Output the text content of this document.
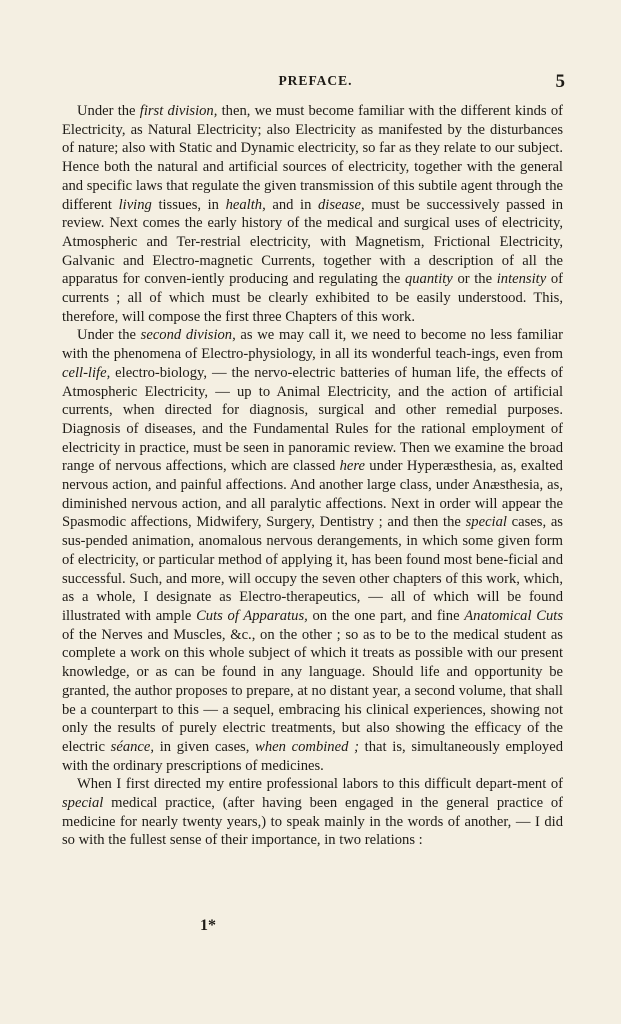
PREFACE.	5

Under the first division, then, we must become familiar with the different kinds of Electricity, as Natural Electricity; also Electricity as manifested by the disturbances of nature; also with Static and Dynamic electricity, so far as they relate to our subject. Hence both the natural and artificial sources of electricity, together with the general and specific laws that regulate the given transmission of this subtile agent through the different living tissues, in health, and in disease, must be successively passed in review. Next comes the early history of the medical and surgical uses of electricity, Atmospheric and Ter-restrial electricity, with Magnetism, Frictional Electricity, Galvanic and Electro-magnetic Currents, together with a description of all the apparatus for conven-iently producing and regulating the quantity or the intensity of currents ; all of which must be clearly exhibited to be easily understood. This, therefore, will compose the first three Chapters of this work.

Under the second division, as we may call it, we need to become no less familiar with the phenomena of Electro-physiology, in all its wonderful teach-ings, even from cell-life, electro-biology, — the nervo-electric batteries of human life, the effects of Atmospheric Electricity, — up to Animal Electricity, and the action of artificial currents, when directed for diagnosis, surgical and other remedial purposes. Diagnosis of diseases, and the Fundamental Rules for the rational employment of electricity in practice, must be seen in panoramic review. Then we examine the broad range of nervous affections, which are classed here under Hyperæsthesia, as, exalted nervous action, and painful affections. And another large class, under Anæsthesia, as, diminished nervous action, and all paralytic affections. Next in order will appear the Spasmodic affections, Midwifery, Surgery, Dentistry ; and then the special cases, as sus-pended animation, anomalous nervous derangements, in which some given form of electricity, or particular method of applying it, has been found most bene-ficial and successful. Such, and more, will occupy the seven other chapters of this work, which, as a whole, I designate as Electro-therapeutics, — all of which will be found illustrated with ample Cuts of Apparatus, on the one part, and fine Anatomical Cuts of the Nerves and Muscles, &c., on the other ; so as to be to the medical student as complete a work on this whole subject of which it treats as possible with our present knowledge, or as can be found in any language. Should life and opportunity be granted, the author proposes to prepare, at no distant year, a second volume, that shall be a counterpart to this — a sequel, embracing his clinical experiences, showing not only the results of purely electric treatments, but also showing the efficacy of the electric séance, in given cases, when combined ; that is, simultaneously employed with the ordinary prescriptions of medicines.

When I first directed my entire professional labors to this difficult depart-ment of special medical practice, (after having been engaged in the general practice of medicine for nearly twenty years,) to speak mainly in the words of another, — I did so with the fullest sense of their importance, in two relations :

1*
